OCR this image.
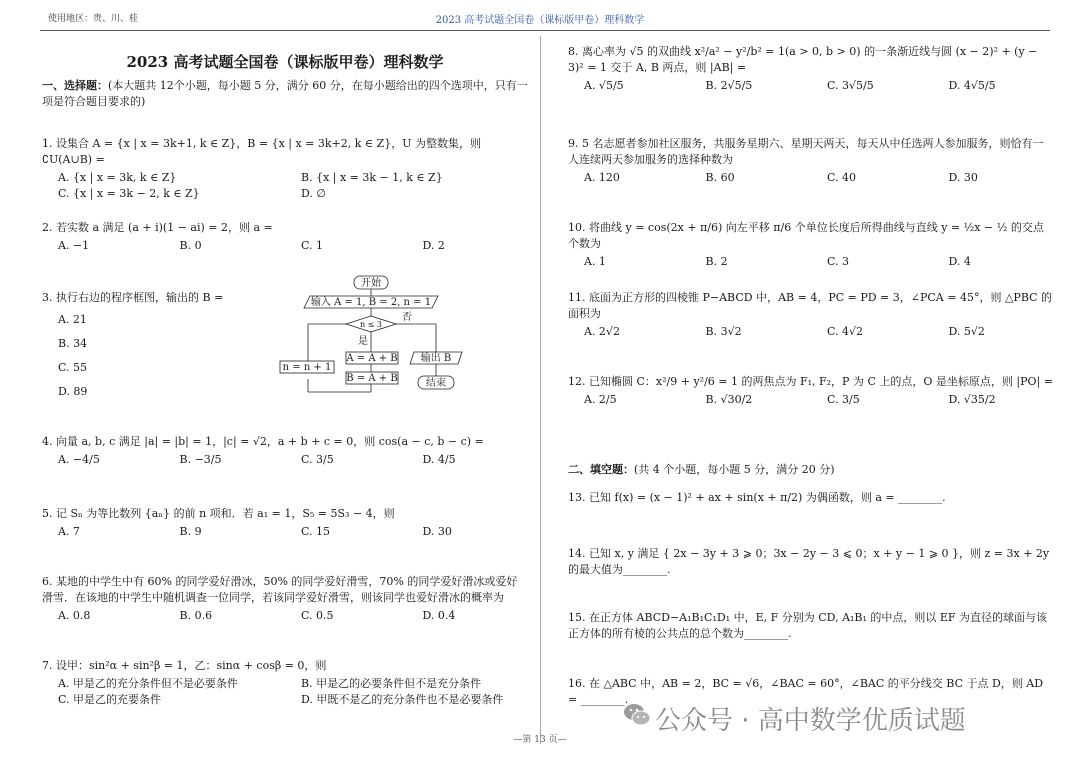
使用地区：贵、川、桂	2023 高考试题全国卷（课标版甲卷）理科数学
2023 高考试题全国卷（课标版甲卷）理科数学
一、选择题：(本大题共 12个小题，每小题 5 分，满分 60 分，在每小题给出的四个选项中，只有一项是符合题目要求的)
1. 设集合 A = {x | x = 3k+1, k ∈ Z}，B = {x | x = 3k+2, k ∈ Z}，U 为整数集，则 ∁U(A∪B) =
A. {x | x = 3k, k ∈ Z}	B. {x | x = 3k − 1, k ∈ Z}
C. {x | x = 3k − 2, k ∈ Z}	D. ∅
2. 若实数 a 满足 (a + i)(1 − ai) = 2，则 a =
A. −1	B. 0	C. 1	D. 2
3. 执行右边的程序框图，输出的 B =
A. 21
B. 34
C. 55
D. 89
4. 向量 a, b, c 满足 |a| = |b| = 1，|c| = √2，a + b + c = 0，则 cos(a − c, b − c) =
A. −4/5	B. −3/5	C. 3/5	D. 4/5
5. 记 Sₙ 为等比数列 {aₙ} 的前 n 项和．若 a₁ = 1，S₅ = 5S₃ − 4，则
A. 7	B. 9	C. 15	D. 30
6. 某地的中学生中有 60% 的同学爱好滑冰，50% 的同学爱好滑雪，70% 的同学爱好滑冰或爱好滑雪．在该地的中学生中随机调查一位同学，若该同学爱好滑雪，则该同学也爱好滑冰的概率为
A. 0.8	B. 0.6	C. 0.5	D. 0.4
7. 设甲：sin²α + sin²β = 1，乙：sinα + cosβ = 0，则
A. 甲是乙的充分条件但不是必要条件	B. 甲是乙的必要条件但不是充分条件
C. 甲是乙的充要条件	D. 甲既不是乙的充分条件也不是必要条件
开始
输入 A = 1, B = 2, n = 1
n ≤ 3
否
是
A = A + B
B = A + B
n = n + 1
输出 B
结束
8. 离心率为 √5 的双曲线 x²/a² − y²/b² = 1(a > 0, b > 0) 的一条渐近线与圆 (x − 2)² + (y − 3)² = 1 交于 A, B 两点，则 |AB| =
A. √5/5	B. 2√5/5	C. 3√5/5	D. 4√5/5
9. 5 名志愿者参加社区服务，共服务星期六、星期天两天，每天从中任选两人参加服务，则恰有一人连续两天参加服务的选择种数为
A. 120	B. 60	C. 40	D. 30
10. 将曲线 y = cos(2x + π/6) 向左平移 π/6 个单位长度后所得曲线与直线 y = ½x − ½ 的交点个数为
A. 1	B. 2	C. 3	D. 4
11. 底面为正方形的四棱锥 P−ABCD 中，AB = 4，PC = PD = 3，∠PCA = 45°，则 △PBC 的面积为
A. 2√2	B. 3√2	C. 4√2	D. 5√2
12. 已知椭圆 C：x²/9 + y²/6 = 1 的两焦点为 F₁, F₂，P 为 C 上的点，O 是坐标原点，则 |PO| =
A. 2/5	B. √30/2	C. 3/5	D. √35/2
二、填空题：(共 4 个小题，每小题 5 分，满分 20 分)
13. 已知 f(x) = (x − 1)² + ax + sin(x + π/2) 为偶函数，则 a = ________.
14. 已知 x, y 满足 { 2x − 3y + 3 ⩾ 0；3x − 2y − 3 ⩽ 0；x + y − 1 ⩾ 0 }，则 z = 3x + 2y 的最大值为________.
15. 在正方体 ABCD−A₁B₁C₁D₁ 中，E, F 分别为 CD, A₁B₁ 的中点，则以 EF 为直径的球面与该正方体的所有棱的公共点的总个数为________.
16. 在 △ABC 中，AB = 2，BC = √6，∠BAC = 60°，∠BAC 的平分线交 BC 于点 D，则 AD = ________.
公众号 · 高中数学优质试题
—第 13 页—
